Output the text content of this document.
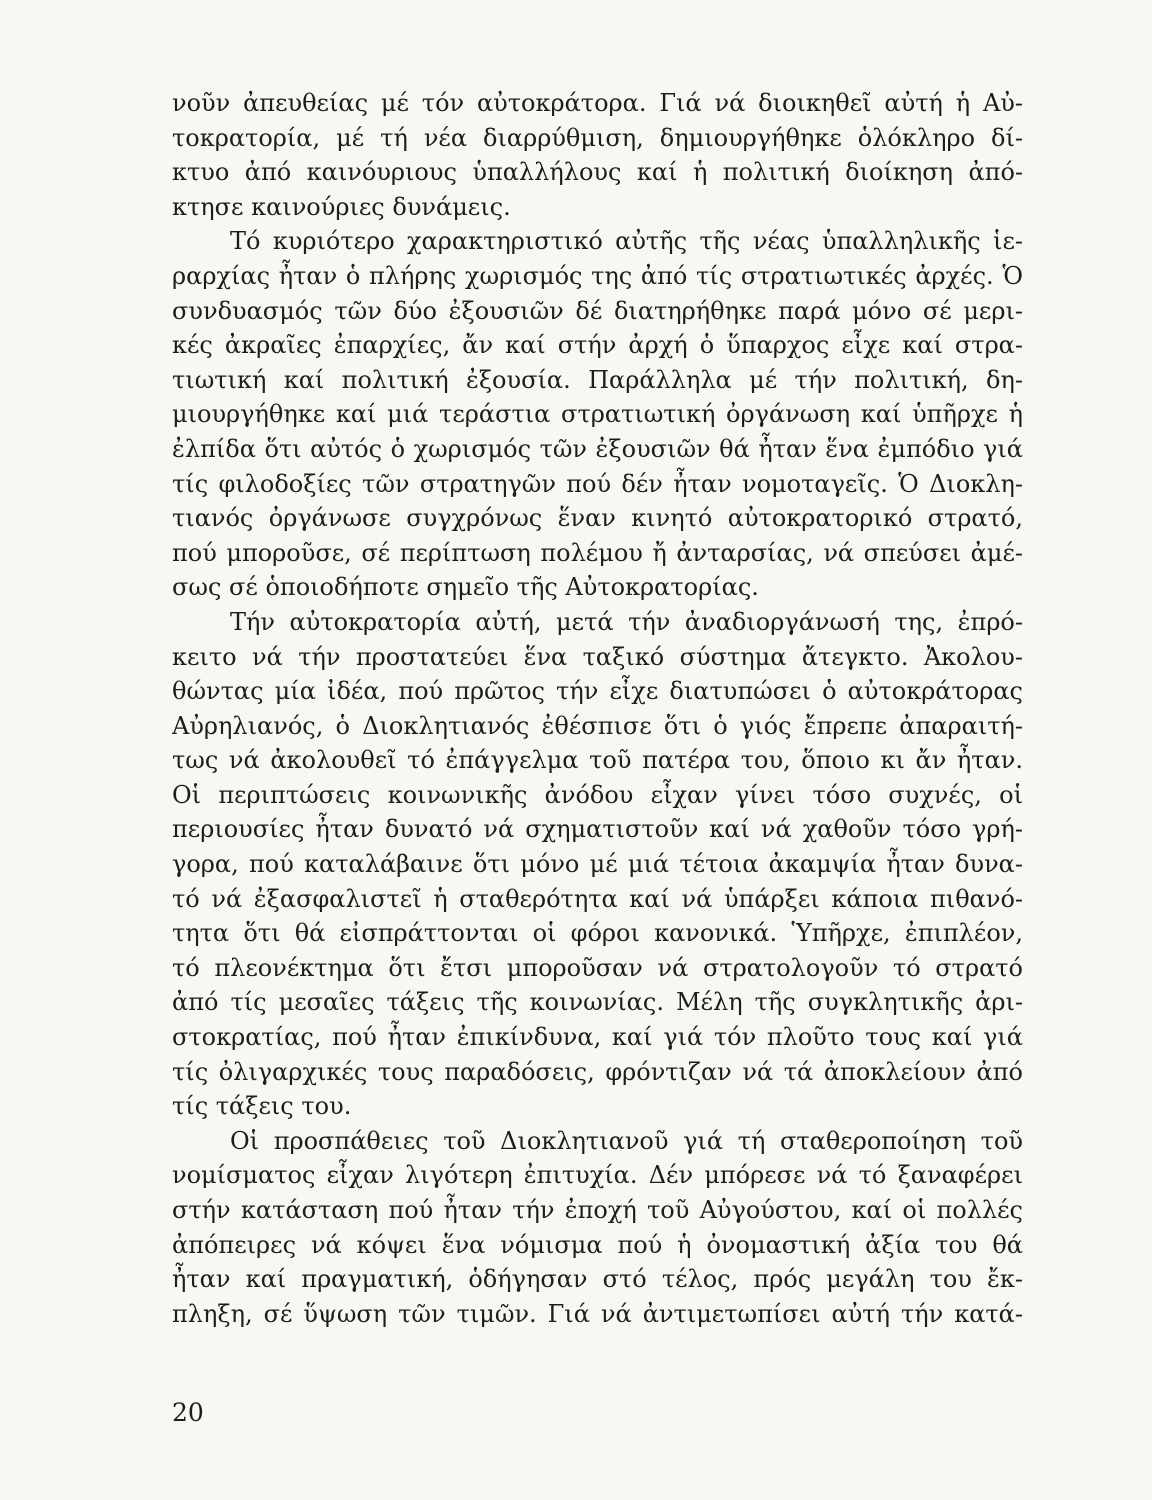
νοῦν ἀπευθείας μέ τόν αὐτοκράτορα. Γιά νά διοικηθεῖ αὐτή ἡ Αὐ-
τοκρατορία, μέ τή νέα διαρρύθμιση, δημιουργήθηκε ὁλόκληρο δί-
κτυο ἀπό καινόυριους ὑπαλλήλους καί ἡ πολιτική διοίκηση ἀπό-
κτησε καινούριες δυνάμεις.
Τό κυριότερο χαρακτηριστικό αὐτῆς τῆς νέας ὑπαλληλικῆς ἱε-
ραρχίας ἦταν ὁ πλήρης χωρισμός της ἀπό τίς στρατιωτικές ἀρχές. Ὁ
συνδυασμός τῶν δύο ἐξουσιῶν δέ διατηρήθηκε παρά μόνο σέ μερι-
κές ἀκραῖες ἐπαρχίες, ἄν καί στήν ἀρχή ὁ ὕπαρχος εἶχε καί στρα-
τιωτική καί πολιτική ἐξουσία. Παράλληλα μέ τήν πολιτική, δη-
μιουργήθηκε καί μιά τεράστια στρατιωτική ὀργάνωση καί ὑπῆρχε ἡ
ἐλπίδα ὅτι αὐτός ὁ χωρισμός τῶν ἐξουσιῶν θά ἦταν ἕνα ἐμπόδιο γιά
τίς φιλοδοξίες τῶν στρατηγῶν πού δέν ἦταν νομοταγεῖς. Ὁ Διοκλη-
τιανός ὀργάνωσε συγχρόνως ἕναν κινητό αὐτοκρατορικό στρατό,
πού μποροῦσε, σέ περίπτωση πολέμου ἤ ἀνταρσίας, νά σπεύσει ἀμέ-
σως σέ ὁποιοδήποτε σημεῖο τῆς Αὐτοκρατορίας.
Τήν αὐτοκρατορία αὐτή, μετά τήν ἀναδιοργάνωσή της, ἐπρό-
κειτο νά τήν προστατεύει ἕνα ταξικό σύστημα ἄτεγκτο. Ἀκολου-
θώντας μία ἰδέα, πού πρῶτος τήν εἶχε διατυπώσει ὁ αὐτοκράτορας
Αὐρηλιανός, ὁ Διοκλητιανός ἐθέσπισε ὅτι ὁ γιός ἔπρεπε ἀπαραιτή-
τως νά ἀκολουθεῖ τό ἐπάγγελμα τοῦ πατέρα του, ὅποιο κι ἄν ἦταν.
Οἱ περιπτώσεις κοινωνικῆς ἀνόδου εἶχαν γίνει τόσο συχνές, οἱ
περιουσίες ἦταν δυνατό νά σχηματιστοῦν καί νά χαθοῦν τόσο γρή-
γορα, πού καταλάβαινε ὅτι μόνο μέ μιά τέτοια ἀκαμψία ἦταν δυνα-
τό νά ἐξασφαλιστεῖ ἡ σταθερότητα καί νά ὑπάρξει κάποια πιθανό-
τητα ὅτι θά εἰσπράττονται οἱ φόροι κανονικά. Ὑπῆρχε, ἐπιπλέον,
τό πλεονέκτημα ὅτι ἔτσι μποροῦσαν νά στρατολογοῦν τό στρατό
ἀπό τίς μεσαῖες τάξεις τῆς κοινωνίας. Μέλη τῆς συγκλητικῆς ἀρι-
στοκρατίας, πού ἦταν ἐπικίνδυνα, καί γιά τόν πλοῦτο τους καί γιά
τίς ὀλιγαρχικές τους παραδόσεις, φρόντιζαν νά τά ἀποκλείουν ἀπό
τίς τάξεις του.
Οἱ προσπάθειες τοῦ Διοκλητιανοῦ γιά τή σταθεροποίηση τοῦ
νομίσματος εἶχαν λιγότερη ἐπιτυχία. Δέν μπόρεσε νά τό ξαναφέρει
στήν κατάσταση πού ἦταν τήν ἐποχή τοῦ Αὐγούστου, καί οἱ πολλές
ἀπόπειρες νά κόψει ἕνα νόμισμα πού ἡ ὀνομαστική ἀξία του θά
ἦταν καί πραγματική, ὁδήγησαν στό τέλος, πρός μεγάλη του ἔκ-
πληξη, σέ ὕψωση τῶν τιμῶν. Γιά νά ἀντιμετωπίσει αὐτή τήν κατά-
20
